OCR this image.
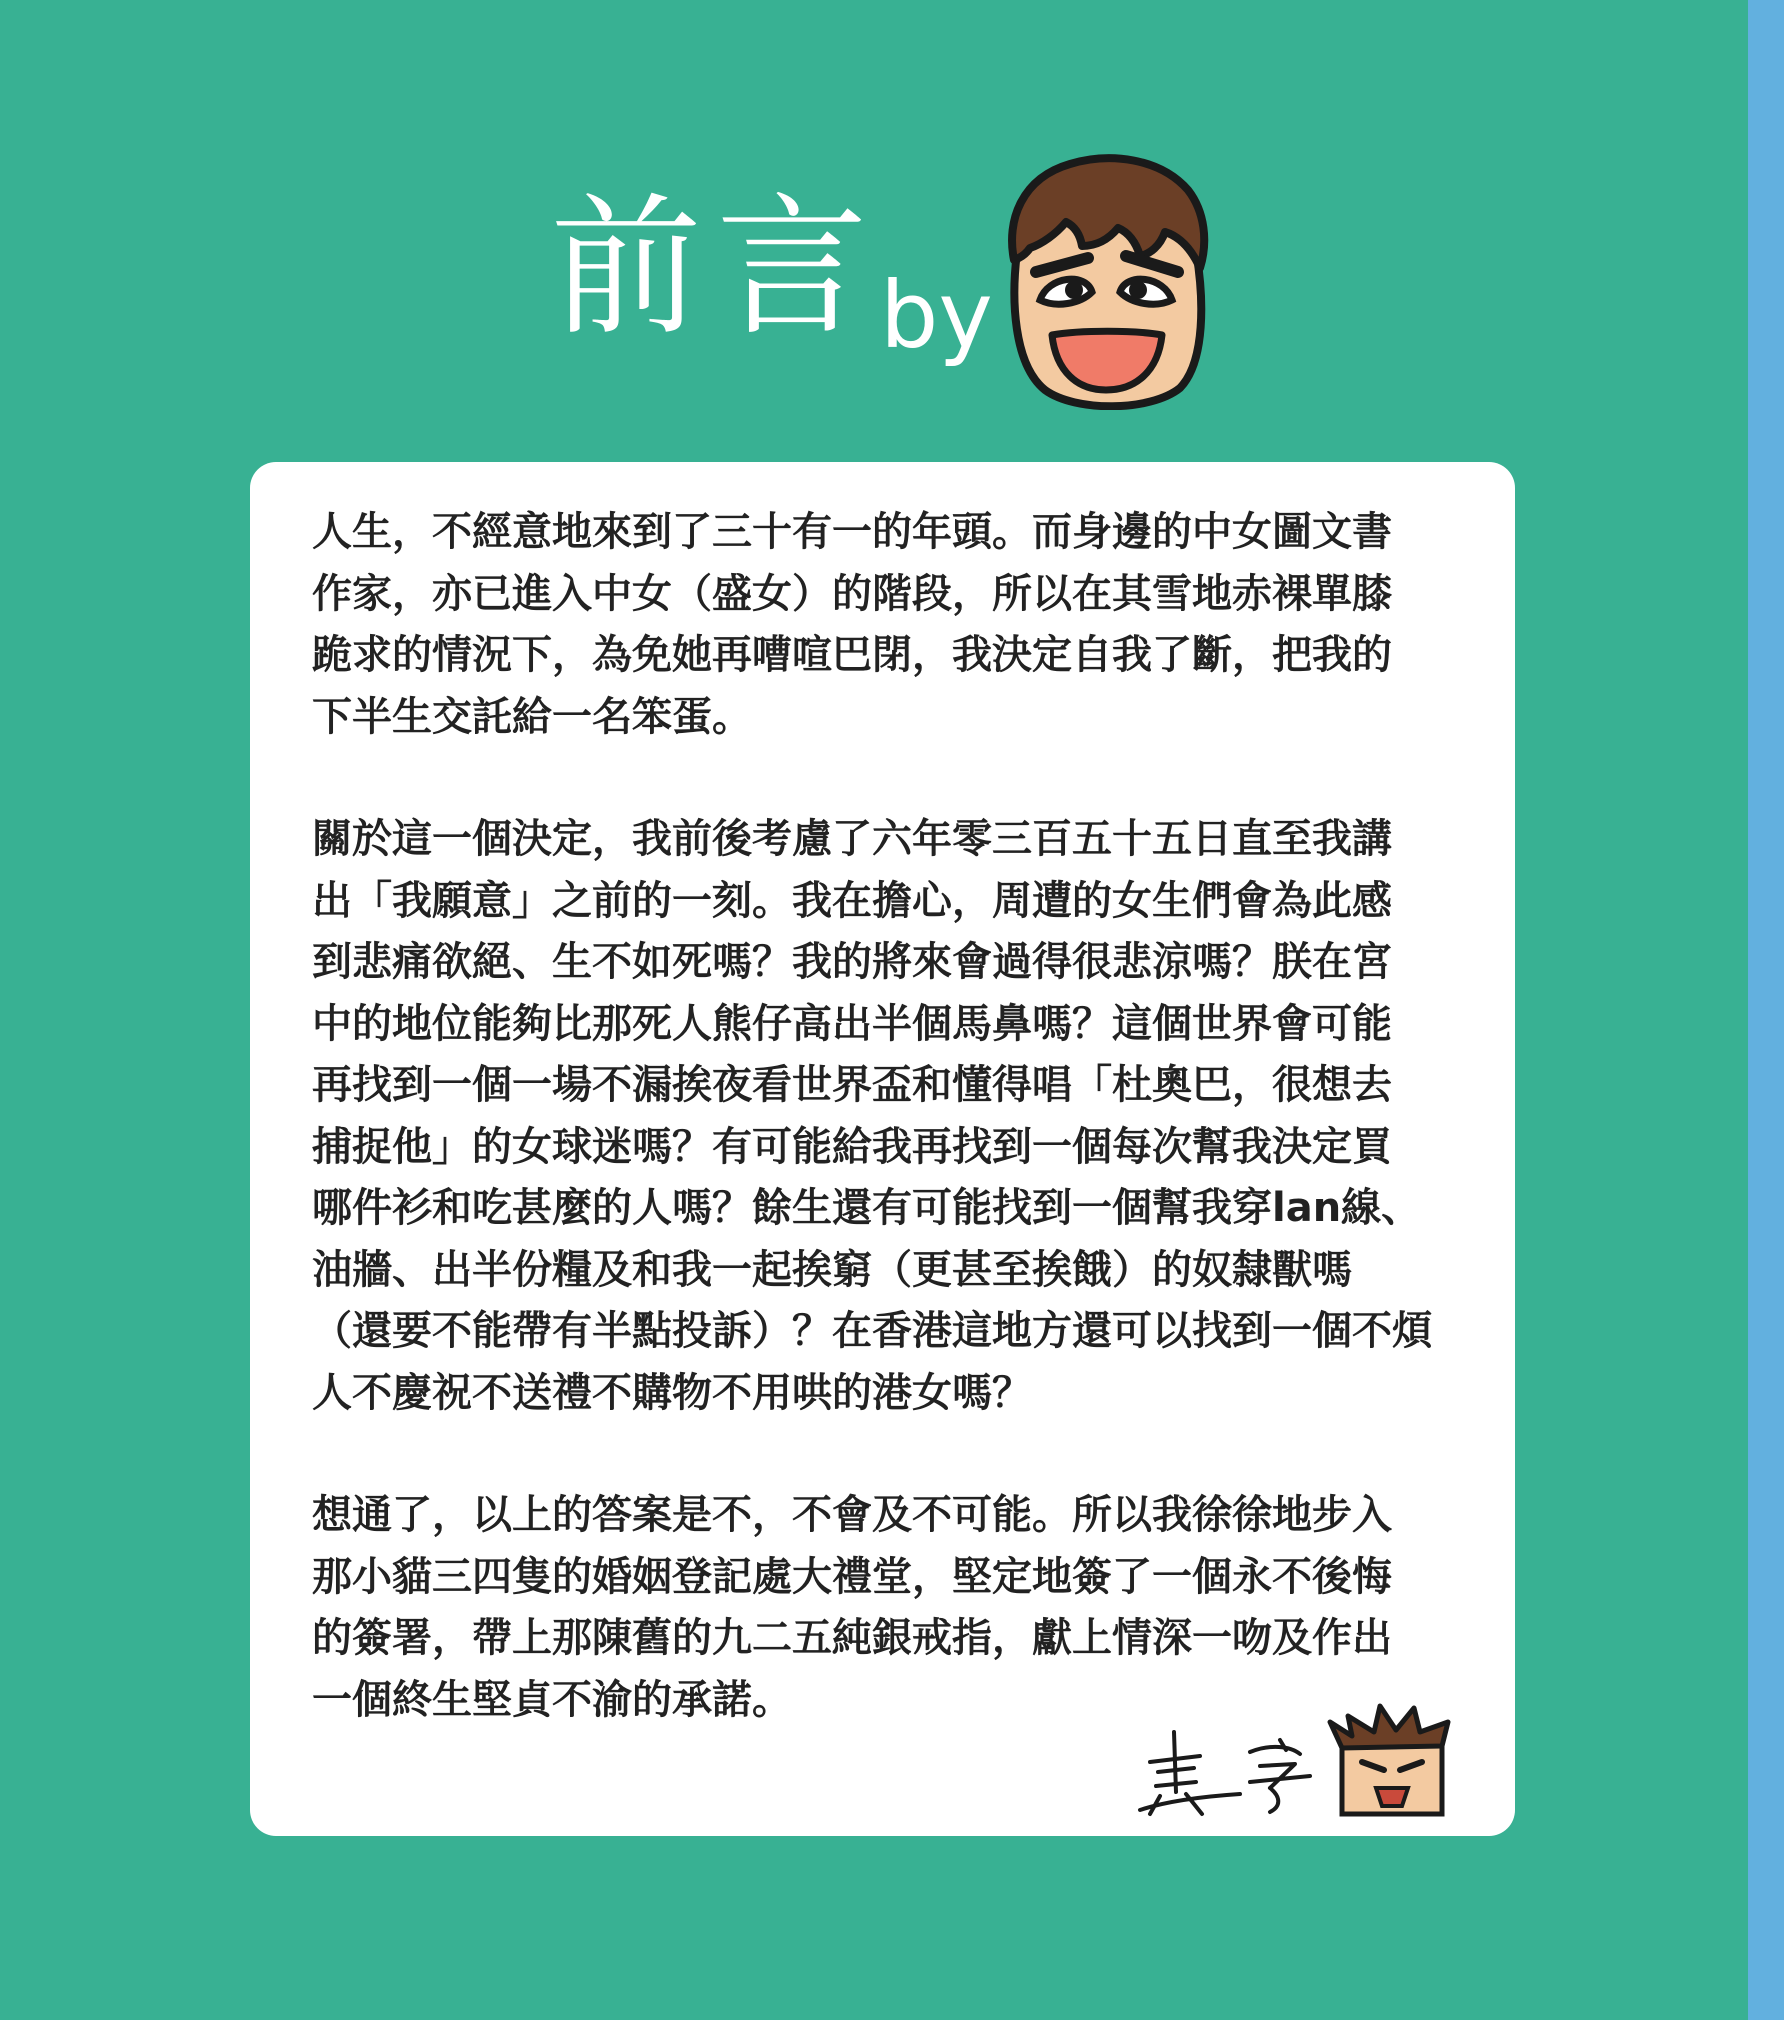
前言
by

人生，不經意地來到了三十有一的年頭。而身邊的中女圖文書
作家，亦已進入中女（盛女）的階段，所以在其雪地赤裸單膝
跪求的情況下，為免她再嘈喧巴閉，我決定自我了斷，把我的
下半生交託給一名笨蛋。

關於這一個決定，我前後考慮了六年零三百五十五日直至我講
出「我願意」之前的一刻。我在擔心，周遭的女生們會為此感
到悲痛欲絕、生不如死嗎？我的將來會過得很悲涼嗎？朕在宮
中的地位能夠比那死人熊仔高出半個馬鼻嗎？這個世界會可能
再找到一個一場不漏挨夜看世界盃和懂得唱「杜奧巴，很想去
捕捉他」的女球迷嗎？有可能給我再找到一個每次幫我決定買
哪件衫和吃甚麼的人嗎？餘生還有可能找到一個幫我穿lan線、
油牆、出半份糧及和我一起挨窮（更甚至挨餓）的奴隸獸嗎
（還要不能帶有半點投訴）？在香港這地方還可以找到一個不煩
人不慶祝不送禮不購物不用哄的港女嗎？

想通了，以上的答案是不，不會及不可能。所以我徐徐地步入
那小貓三四隻的婚姻登記處大禮堂，堅定地簽了一個永不後悔
的簽署，帶上那陳舊的九二五純銀戒指，獻上情深一吻及作出
一個終生堅貞不渝的承諾。
